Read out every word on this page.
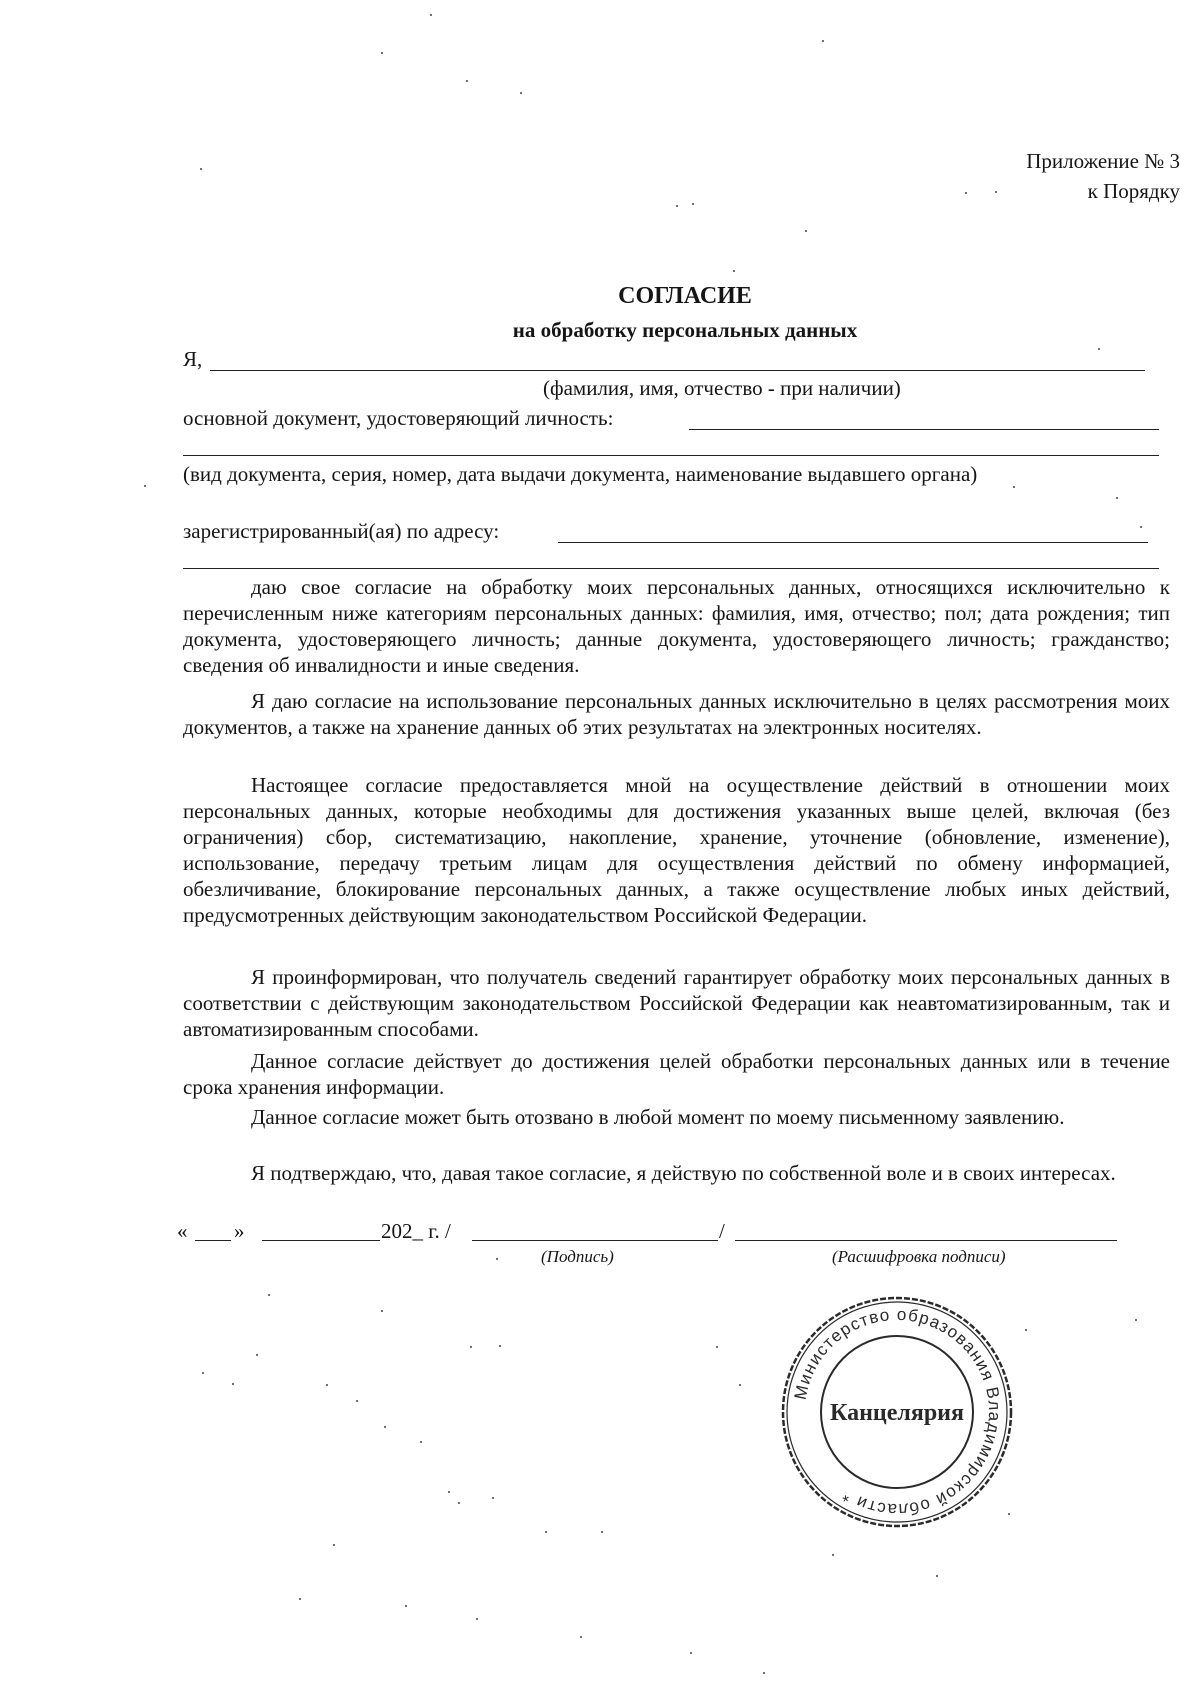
Приложение № 3
к Порядку
СОГЛАСИЕ
на обработку персональных данных
Я,
(фамилия, имя, отчество - при наличии)
основной документ, удостоверяющий личность:
(вид документа, серия, номер, дата выдачи документа, наименование выдавшего органа)
зарегистрированный(ая) по адресу:
даю свое согласие на обработку моих персональных данных, относящихся исключительно к перечисленным ниже категориям персональных данных: фамилия, имя, отчество; пол; дата рождения; тип документа, удостоверяющего личность; данные документа, удостоверяющего личность; гражданство; сведения об инвалидности и иные сведения.
Я даю согласие на использование персональных данных исключительно в целях рассмотрения моих документов, а также на хранение данных об этих результатах на электронных носителях.
Настоящее согласие предоставляется мной на осуществление действий в отношении моих персональных данных, которые необходимы для достижения указанных выше целей, включая (без ограничения) сбор, систематизацию, накопление, хранение, уточнение (обновление, изменение), использование, передачу третьим лицам для осуществления действий по обмену информацией, обезличивание, блокирование персональных данных, а также осуществление любых иных действий, предусмотренных действующим законодательством Российской Федерации.
Я проинформирован, что получатель сведений гарантирует обработку моих персональных данных в соответствии с действующим законодательством Российской Федерации как неавтоматизированным, так и автоматизированным способами.
Данное согласие действует до достижения целей обработки персональных данных или в течение срока хранения информации.
Данное согласие может быть отозвано в любой момент по моему письменному заявлению.
Я подтверждаю, что, давая такое согласие, я действую по собственной воле и в своих интересах.
« »	202_ г. /	/
(Подпись)	(Расшифровка подписи)
Министерство образования Владимирской области *
Канцелярия
